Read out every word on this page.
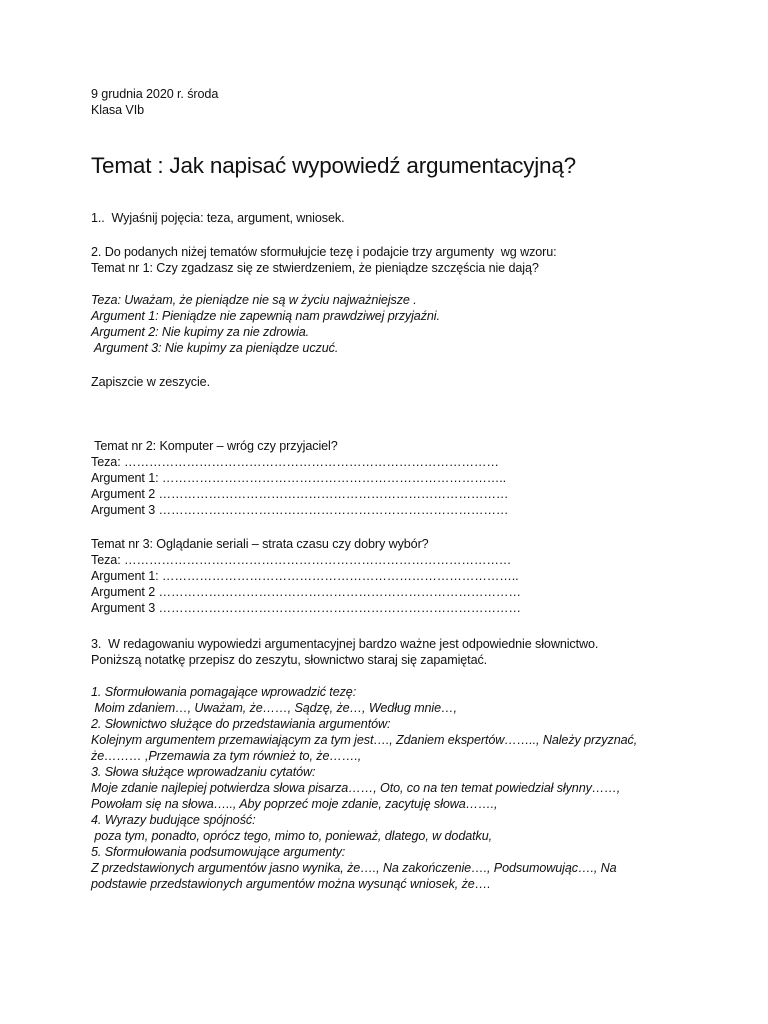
9 grudnia 2020 r. środa
Klasa VIb
Temat : Jak napisać wypowiedź argumentacyjną?
1..  Wyjaśnij pojęcia: teza, argument, wniosek.
2. Do podanych niżej tematów sformułujcie tezę i podajcie trzy argumenty  wg wzoru:
Temat nr 1: Czy zgadzasz się ze stwierdzeniem, że pieniądze szczęścia nie dają?
Teza: Uważam, że pieniądze nie są w życiu najważniejsze .
Argument 1: Pieniądze nie zapewnią nam prawdziwej przyjaźni.
Argument 2: Nie kupimy za nie zdrowia.
Argument 3: Nie kupimy za pieniądze uczuć.
Zapiszcie w zeszycie.
Temat nr 2: Komputer – wróg czy przyjaciel?
Teza: ………………………………………………………………………………
Argument 1: ………………………………………………………………………..
Argument 2 …………………………………………………………………………
Argument 3 …………………………………………………………………………
Temat nr 3: Oglądanie seriali – strata czasu czy dobry wybór?
Teza: …………………………………………………………………………………
Argument 1: …………………………………………………………………………..
Argument 2 ……………………………………………………………………………
Argument 3 ……………………………………………………………………………
3.  W redagowaniu wypowiedzi argumentacyjnej bardzo ważne jest odpowiednie słownictwo.
Poniższą notatkę przepisz do zeszytu, słownictwo staraj się zapamiętać.
1. Sformułowania pomagające wprowadzić tezę:
Moim zdaniem…, Uważam, że……, Sądzę, że…, Według mnie…,
2. Słownictwo służące do przedstawiania argumentów:
Kolejnym argumentem przemawiającym za tym jest…., Zdaniem ekspertów…….., Należy przyznać,
że……… ,Przemawia za tym również to, że…….,
3. Słowa służące wprowadzaniu cytatów:
Moje zdanie najlepiej potwierdza słowa pisarza……, Oto, co na ten temat powiedział słynny……,
Powołam się na słowa….., Aby poprzeć moje zdanie, zacytuję słowa…….,
4. Wyrazy budujące spójność:
poza tym, ponadto, oprócz tego, mimo to, ponieważ, dlatego, w dodatku,
5. Sformułowania podsumowujące argumenty:
Z przedstawionych argumentów jasno wynika, że…., Na zakończenie…., Podsumowując…., Na
podstawie przedstawionych argumentów można wysunąć wniosek, że….
